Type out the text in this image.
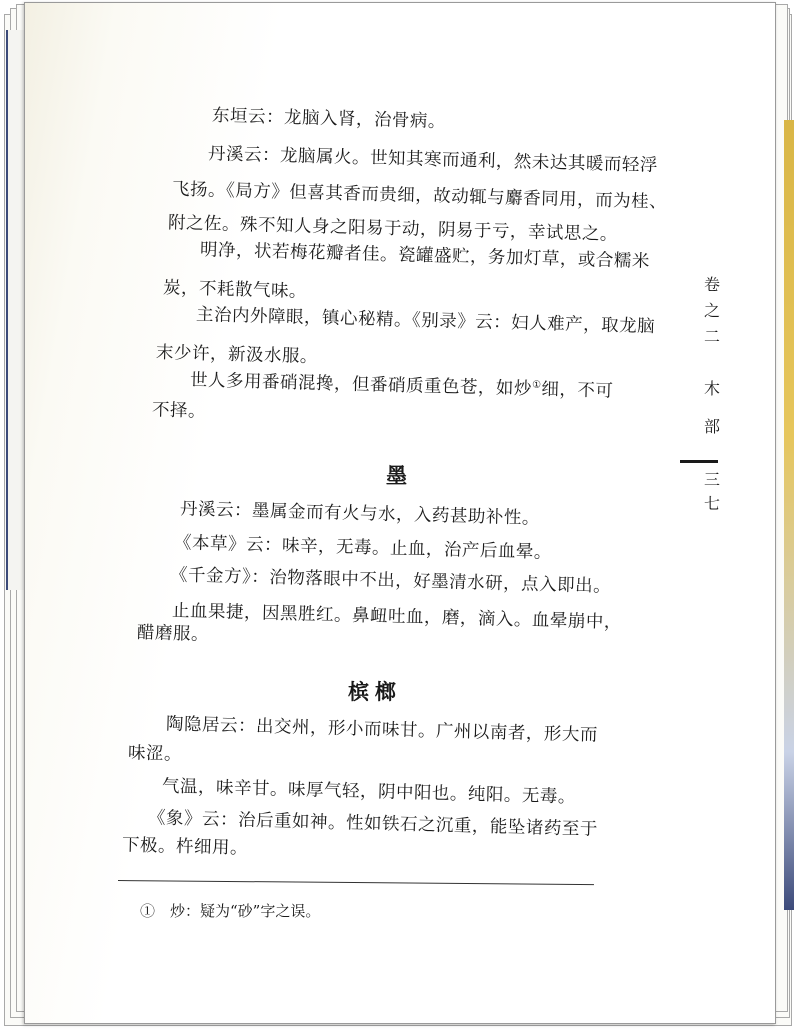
东垣云：龙脑入肾，治骨病。
丹溪云：龙脑属火。世知其寒而通利，然未达其暖而轻浮
飞扬。《局方》但喜其香而贵细，故动辄与麝香同用，而为桂、
附之佐。殊不知人身之阳易于动，阴易于亏，幸试思之。
明净，状若梅花瓣者佳。瓷罐盛贮，务加灯草，或合糯米
炭，不耗散气味。
主治内外障眼，镇心秘精。《别录》云：妇人难产，取龙脑
末少许，新汲水服。
世人多用番硝混搀，但番硝质重色苍，如炒①细，不可
不择。
墨
丹溪云：墨属金而有火与水，入药甚助补性。
《本草》云：味辛，无毒。止血，治产后血晕。
《千金方》：治物落眼中不出，好墨清水研，点入即出。
止血果捷，因黑胜红。鼻衄吐血，磨，滴入。血晕崩中，
醋磨服。
槟榔
陶隐居云：出交州，形小而味甘。广州以南者，形大而
味涩。
气温，味辛甘。味厚气轻，阴中阳也。纯阳。无毒。
《象》云：治后重如神。性如铁石之沉重，能坠诸药至于
下极。杵细用。
①　炒：疑为“砂”字之误。
卷
之
二
木
部
三
七
